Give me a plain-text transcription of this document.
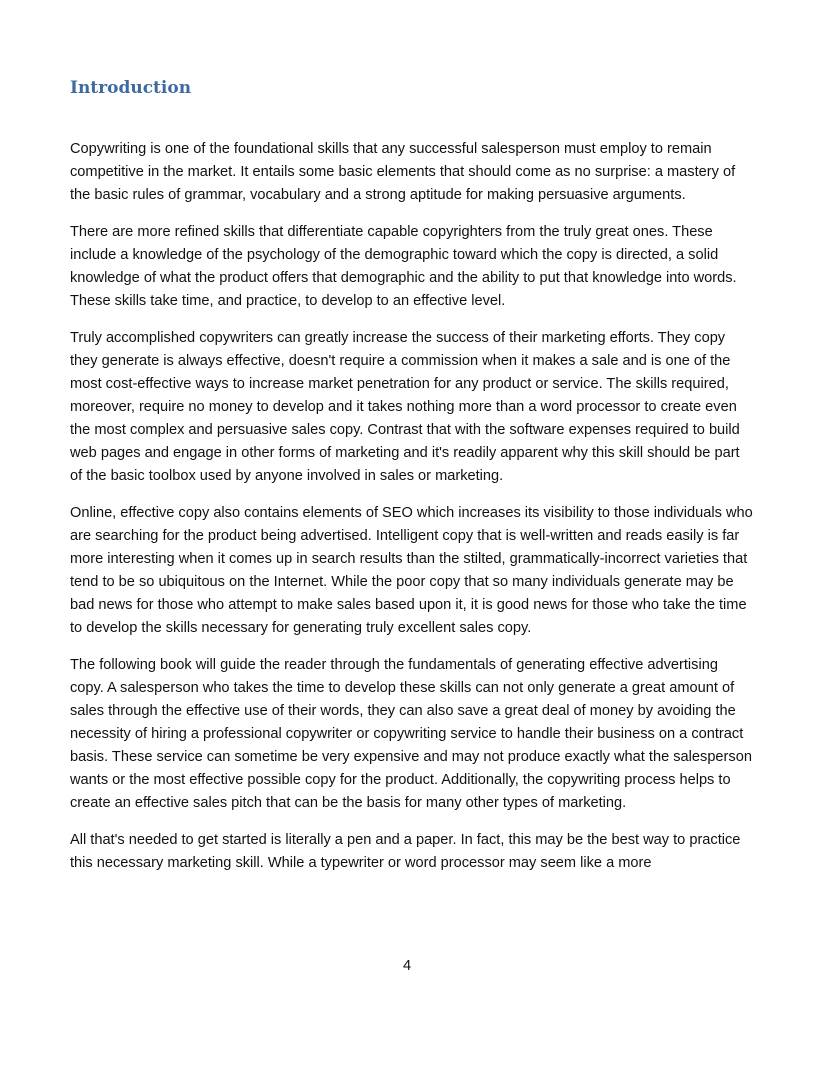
Introduction

Copywriting is one of the foundational skills that any successful salesperson must employ to remain competitive in the market. It entails some basic elements that should come as no surprise: a mastery of the basic rules of grammar, vocabulary and a strong aptitude for making persuasive arguments.

There are more refined skills that differentiate capable copyrighters from the truly great ones. These include a knowledge of the psychology of the demographic toward which the copy is directed, a solid knowledge of what the product offers that demographic and the ability to put that knowledge into words. These skills take time, and practice, to develop to an effective level.

Truly accomplished copywriters can greatly increase the success of their marketing efforts. They copy they generate is always effective, doesn't require a commission when it makes a sale and is one of the most cost-effective ways to increase market penetration for any product or service. The skills required, moreover, require no money to develop and it takes nothing more than a word processor to create even the most complex and persuasive sales copy. Contrast that with the software expenses required to build web pages and engage in other forms of marketing and it's readily apparent why this skill should be part of the basic toolbox used by anyone involved in sales or marketing.

Online, effective copy also contains elements of SEO which increases its visibility to those individuals who are searching for the product being advertised. Intelligent copy that is well-written and reads easily is far more interesting when it comes up in search results than the stilted, grammatically-incorrect varieties that tend to be so ubiquitous on the Internet. While the poor copy that so many individuals generate may be bad news for those who attempt to make sales based upon it, it is good news for those who take the time to develop the skills necessary for generating truly excellent sales copy.

The following book will guide the reader through the fundamentals of generating effective advertising copy. A salesperson who takes the time to develop these skills can not only generate a great amount of sales through the effective use of their words, they can also save a great deal of money by avoiding the necessity of hiring a professional copywriter or copywriting service to handle their business on a contract basis. These service can sometime be very expensive and may not produce exactly what the salesperson wants or the most effective possible copy for the product. Additionally, the copywriting process helps to create an effective sales pitch that can be the basis for many other types of marketing.

All that's needed to get started is literally a pen and a paper. In fact, this may be the best way to practice this necessary marketing skill. While a typewriter or word processor may seem like a more

4
